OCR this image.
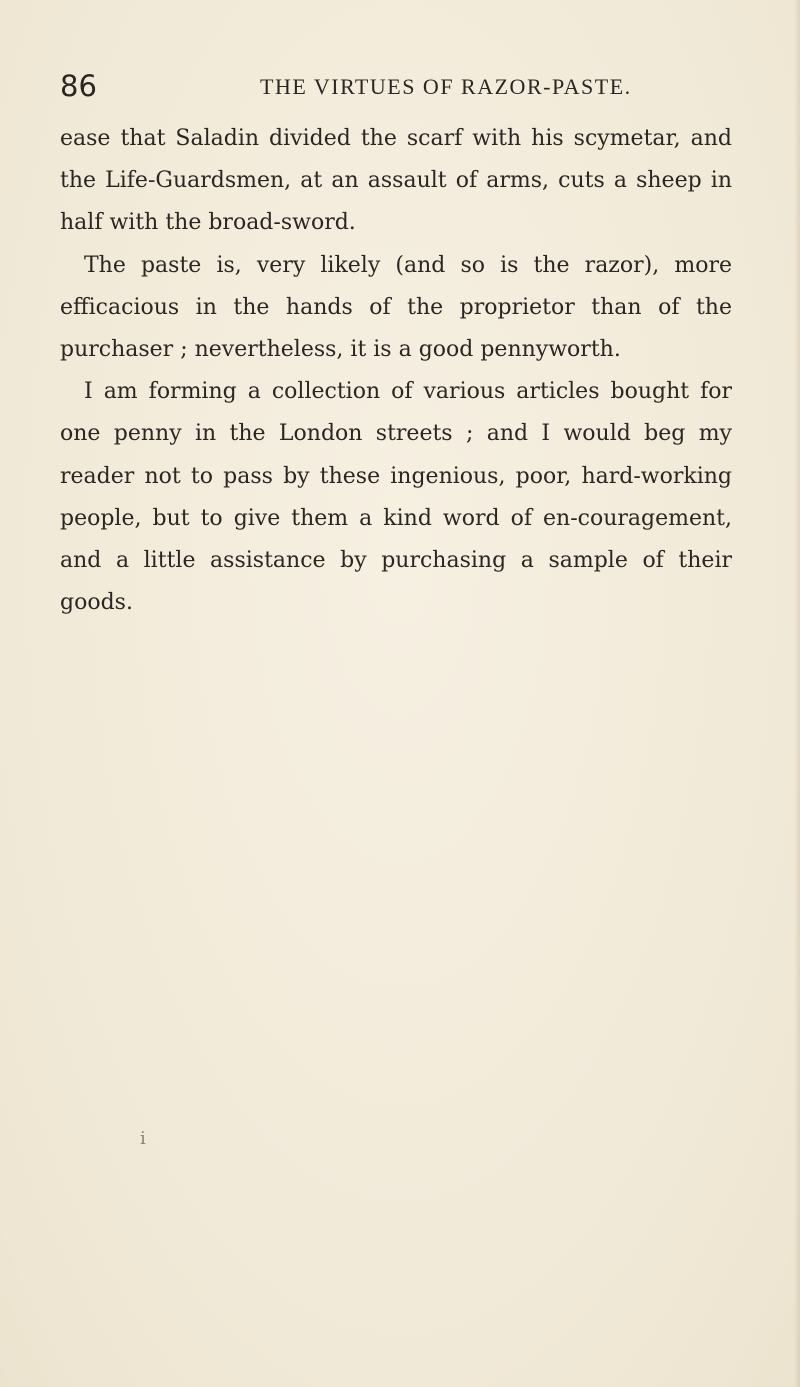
86	THE VIRTUES OF RAZOR-PASTE.

ease that Saladin divided the scarf with his scymetar, and the Life-Guardsmen, at an assault of arms, cuts a sheep in half with the broad-sword.

The paste is, very likely (and so is the razor), more efficacious in the hands of the proprietor than of the purchaser ; nevertheless, it is a good pennyworth.

I am forming a collection of various articles bought for one penny in the London streets ; and I would beg my reader not to pass by these ingenious, poor, hard-working people, but to give them a kind word of en-couragement, and a little assistance by purchasing a sample of their goods.

i
